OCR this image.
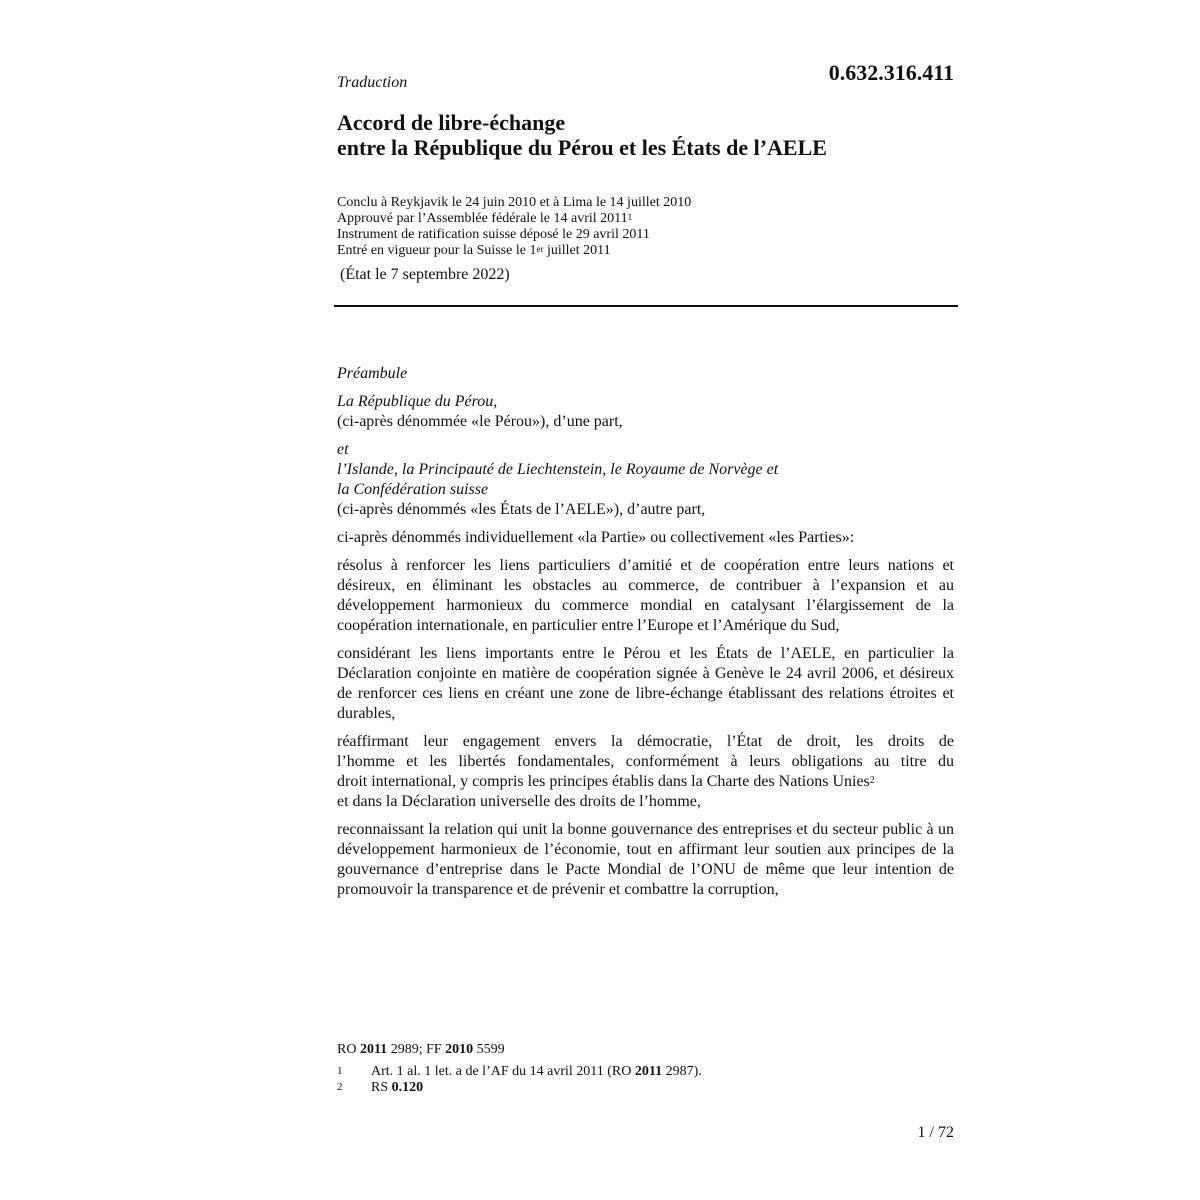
Traduction	0.632.316.411
Accord de libre-échange
entre la République du Pérou et les États de l’AELE
Conclu à Reykjavik le 24 juin 2010 et à Lima le 14 juillet 2010
Approuvé par l’Assemblée fédérale le 14 avril 2011$^1$
Instrument de ratification suisse déposé le 29 avril 2011
Entré en vigueur pour la Suisse le 1er juillet 2011
(État le 7 septembre 2022)

Préambule

La République du Pérou,

(ci-après dénommée «le Pérou»), d’une part,

et

l’Islande, la Principauté de Liechtenstein, le Royaume de Norvège et

la Confédération suisse

(ci-après dénommés «les États de l’AELE»), d’autre part,

ci-après dénommés individuellement «la Partie» ou collectivement «les Parties»:

résolus à renforcer les liens particuliers d’amitié et de coopération entre leurs nations et désireux, en éliminant les obstacles au commerce, de contribuer à l’expansion et au développement harmonieux du commerce mondial en catalysant l’élargissement de la coopération internationale, en particulier entre l’Europe et l’Amérique du Sud,

considérant les liens importants entre le Pérou et les États de l’AELE, en particulier la Déclaration conjointe en matière de coopération signée à Genève le 24 avril 2006, et désireux de renforcer ces liens en créant une zone de libre-échange établissant des relations étroites et durables,

réaffirmant leur engagement envers la démocratie, l’État de droit, les droits de

l’homme et les libertés fondamentales, conformément à leurs obligations au titre du

droit international, y compris les principes établis dans la Charte des Nations Unies$^2$

et dans la Déclaration universelle des droits de l’homme,

reconnaissant la relation qui unit la bonne gouvernance des entreprises et du secteur public à un développement harmonieux de l’économie, tout en affirmant leur soutien aux principes de la gouvernance d’entreprise dans le Pacte Mondial de l’ONU de même que leur intention de promouvoir la transparence et de prévenir et combattre la corruption,

RO 2011 2989; FF 2010 5599
1	Art. 1 al. 1 let. a de l’AF du 14 avril 2011 (RO 2011 2987).
2	RS 0.120
1 / 72
